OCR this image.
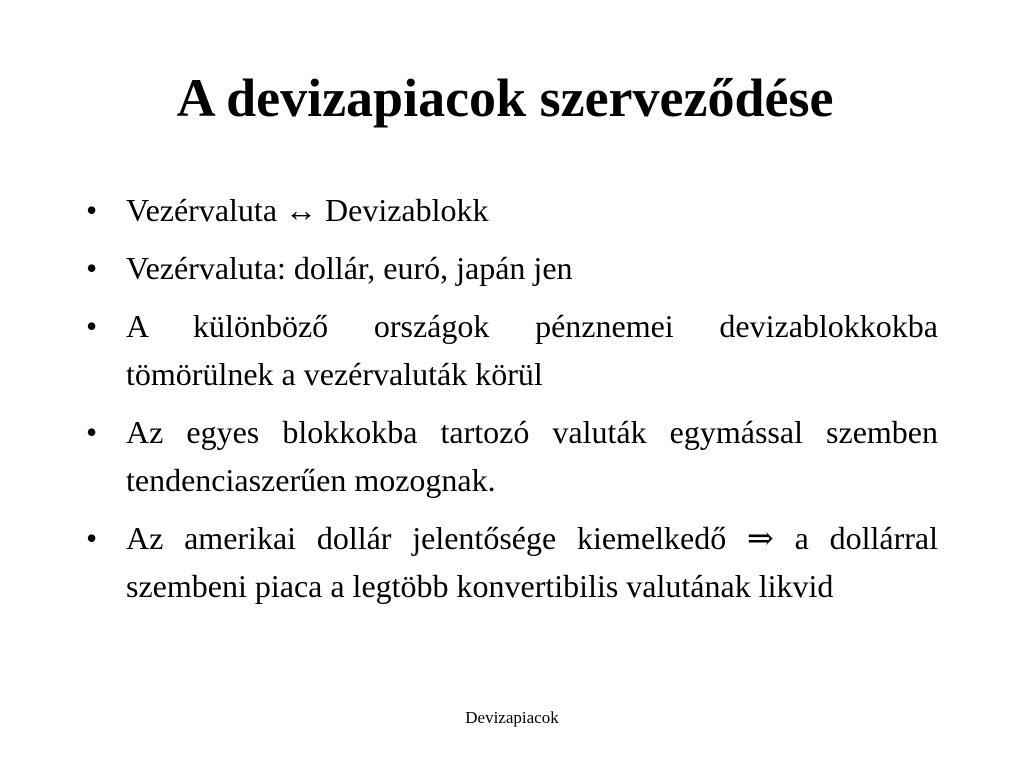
A devizapiacok szerveződése
• Vezérvaluta ↔ Devizablokk
• Vezérvaluta: dollár, euró, japán jen
• A különböző országok pénznemei devizablokkokba tömörülnek a vezérvaluták körül
• Az egyes blokkokba tartozó valuták egymással szemben tendenciaszerűen mozognak.
• Az amerikai dollár jelentősége kiemelkedő ⇒ a dollárral szembeni piaca a legtöbb konvertibilis valutának likvid
Devizapiacok
